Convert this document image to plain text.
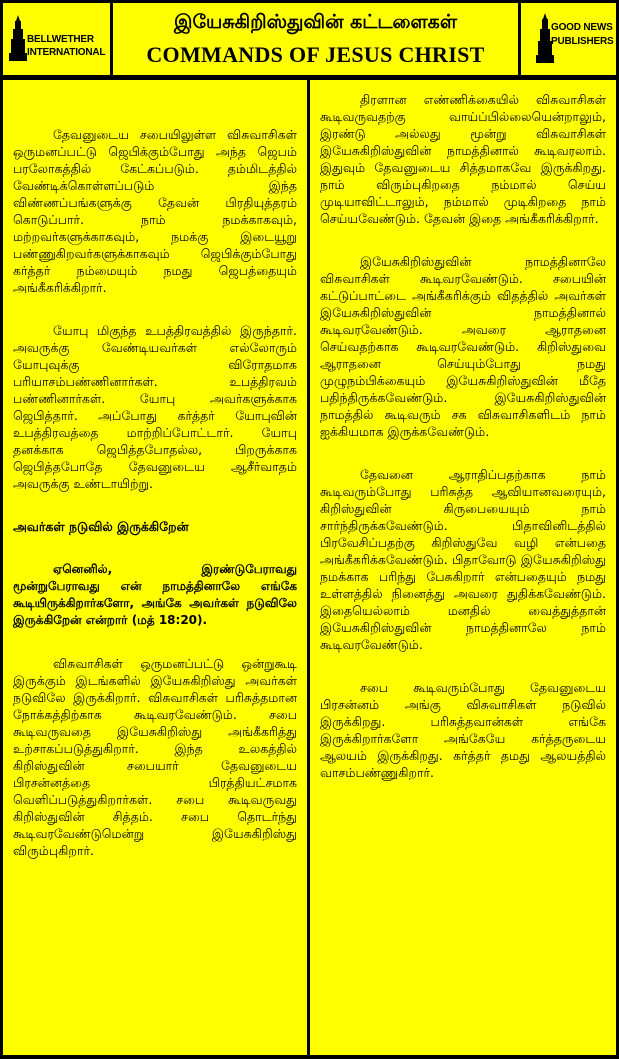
BELLWETHER
INTERNATIONAL
இயேசுகிறிஸ்துவின் கட்டளைகள்
COMMANDS OF JESUS CHRIST
GOOD NEWS
PUBLISHERS

தேவனுடைய சபையிலுள்ள விசுவாசிகள் ஒருமனப்பட்டு ஜெபிக்கும்போது அந்த ஜெபம் பரலோகத்தில் கேட்கப்படும். தம்மிடத்தில் வேண்டிக்கொள்ளப்படும் இந்த விண்ணப்பங்களுக்கு தேவன் பிரதியுத்தரம் கொடுப்பார். நாம் நமக்காகவும், மற்றவர்களுக்காகவும், நமக்கு இடையூறு பண்ணுகிறவர்களுக்காகவும் ஜெபிக்கும்போது கர்த்தர் நம்மையும் நமது ஜெபத்தையும் அங்கீகரிக்கிறார்.

யோபு மிகுந்த உபத்திரவத்தில் இருந்தார். அவருக்கு வேண்டியவர்கள் எல்லோரும் யோபுவுக்கு விரோதமாக பரியாசம்பண்ணினார்கள். உபத்திரவம் பண்ணினார்கள். யோபு அவர்களுக்காக ஜெபித்தார். அப்போது கர்த்தர் யோபுவின் உபத்திரவத்தை மாற்றிப்போட்டார். யோபு தனக்காக ஜெபித்தபோதல்ல, பிறருக்காக ஜெபித்தபோதே தேவனுடைய ஆசீர்வாதம் அவருக்கு உண்டாயிற்று.

அவர்கள் நடுவில் இருக்கிறேன்

ஏனெனில், இரண்டுபேராவது மூன்றுபேராவது என் நாமத்தினாலே எங்கே கூடியிருக்கிறார்களோ, அங்கே அவர்கள் நடுவிலே இருக்கிறேன் என்றார் (மத் 18:20).

விசுவாசிகள் ஒருமனப்பட்டு ஒன்றுகூடி இருக்கும் இடங்களில் இயேசுகிறிஸ்து அவர்கள் நடுவிலே இருக்கிறார். விசுவாசிகள் பரிசுத்தமான நோக்கத்திற்காக கூடிவரவேண்டும். சபை கூடிவருவதை இயேசுகிறிஸ்து அங்கீகரித்து உற்சாகப்படுத்துகிறார். இந்த உலகத்தில் கிறிஸ்துவின் சபையார் தேவனுடைய பிரசன்னத்தை பிரத்தியட்சமாக வெளிப்படுத்துகிறார்கள். சபை கூடிவருவது கிறிஸ்துவின் சித்தம். சபை தொடர்ந்து கூடிவரவேண்டுமென்று இயேசுகிறிஸ்து விரும்புகிறார்.

திரளான எண்ணிக்கையில் விசுவாசிகள் கூடிவருவதற்கு வாய்ப்பில்லையென்றாலும், இரண்டு அல்லது மூன்று விசுவாசிகள் இயேசுகிறிஸ்துவின் நாமத்தினால் கூடிவரலாம். இதுவும் தேவனுடைய சித்தமாகவே இருக்கிறது. நாம் விரும்புகிறதை நம்மால் செய்ய முடியாவிட்டாலும், நம்மால் முடிகிறதை நாம் செய்யவேண்டும். தேவன் இதை அங்கீகரிக்கிறார்.

இயேசுகிறிஸ்துவின் நாமத்தினாலே விசுவாசிகள் கூடிவரவேண்டும். சபையின் கட்டுப்பாட்டை அங்கீகரிக்கும் விதத்தில் அவர்கள் இயேசுகிறிஸ்துவின் நாமத்தினால் கூடிவரவேண்டும். அவரை ஆராதனை செய்வதற்காக கூடிவரவேண்டும். கிறிஸ்துவை ஆராதனை செய்யும்போது நமது முழுநம்பிக்கையும் இயேசுகிறிஸ்துவின் மீதே பதிந்திருக்கவேண்டும். இயேசுகிறிஸ்துவின் நாமத்தில் கூடிவரும் சக விசுவாசிகளிடம் நாம் ஐக்கியமாக இருக்கவேண்டும்.

தேவனை ஆராதிப்பதற்காக நாம் கூடிவரும்போது பரிசுத்த ஆவியானவரையும், கிறிஸ்துவின் கிருபையையும் நாம் சார்ந்திருக்கவேண்டும். பிதாவினிடத்தில் பிரவேசிப்பதற்கு கிறிஸ்துவே வழி என்பதை அங்கீகரிக்கவேண்டும். பிதாவோடு இயேசுகிறிஸ்து நமக்காக பரிந்து பேசுகிறார் என்பதையும் நமது உள்ளத்தில் நினைத்து அவரை துதிக்கவேண்டும். இதையெல்லாம் மனதில் வைத்துத்தான் இயேசுகிறிஸ்துவின் நாமத்தினாலே நாம் கூடிவரவேண்டும்.

சபை கூடிவரும்போது தேவனுடைய பிரசன்னம் அங்கு விசுவாசிகள் நடுவில் இருக்கிறது. பரிசுத்தவான்கள் எங்கே இருக்கிறார்களோ அங்கேயே கர்த்தருடைய ஆலயம் இருக்கிறது. கர்த்தர் தமது ஆலயத்தில் வாசம்பண்ணுகிறார்.
